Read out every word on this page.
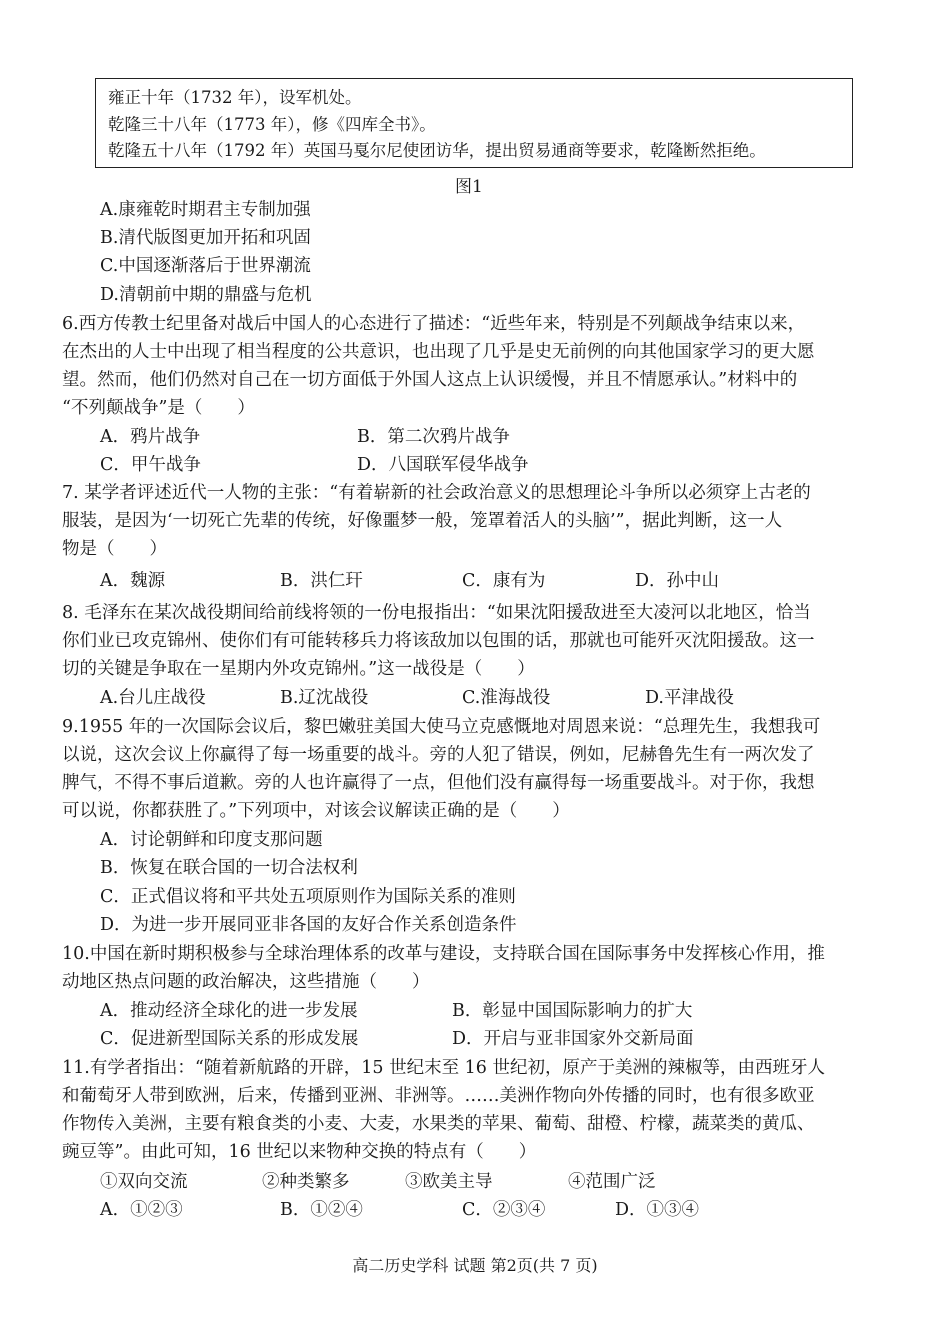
雍正十年（1732 年），设军机处。
乾隆三十八年（1773 年），修《四库全书》。
乾隆五十八年（1792 年）英国马戛尔尼使团访华，提出贸易通商等要求，乾隆断然拒绝。
图1
A.康雍乾时期君主专制加强
B.清代版图更加开拓和巩固
C.中国逐渐落后于世界潮流
D.清朝前中期的鼎盛与危机
6.西方传教士纪里备对战后中国人的心态进行了描述：“近些年来，特别是不列颠战争结束以来，
在杰出的人士中出现了相当程度的公共意识，也出现了几乎是史无前例的向其他国家学习的更大愿
望。然而，他们仍然对自己在一切方面低于外国人这点上认识缓慢，并且不情愿承认。”材料中的
“不列颠战争”是（　　）
A．鸦片战争	B．第二次鸦片战争
C．甲午战争	D．八国联军侵华战争
7. 某学者评述近代一人物的主张：“有着崭新的社会政治意义的思想理论斗争所以必须穿上古老的
服装，是因为‘一切死亡先辈的传统，好像噩梦一般，笼罩着活人的头脑’”，据此判断，这一人
物是（　　）
A．魏源	B．洪仁玕	C．康有为	D．孙中山
8. 毛泽东在某次战役期间给前线将领的一份电报指出：“如果沈阳援敌进至大凌河以北地区，恰当
你们业已攻克锦州、使你们有可能转移兵力将该敌加以包围的话，那就也可能歼灭沈阳援敌。这一
切的关键是争取在一星期内外攻克锦州。”这一战役是（　　）
A.台儿庄战役	B.辽沈战役	C.淮海战役	D.平津战役
9.1955 年的一次国际会议后，黎巴嫩驻美国大使马立克感慨地对周恩来说：“总理先生，我想我可
以说，这次会议上你赢得了每一场重要的战斗。旁的人犯了错误，例如，尼赫鲁先生有一两次发了
脾气，不得不事后道歉。旁的人也许赢得了一点，但他们没有赢得每一场重要战斗。对于你，我想
可以说，你都获胜了。”下列项中，对该会议解读正确的是（　　）
A．讨论朝鲜和印度支那问题
B．恢复在联合国的一切合法权利
C．正式倡议将和平共处五项原则作为国际关系的准则
D．为进一步开展同亚非各国的友好合作关系创造条件
10.中国在新时期积极参与全球治理体系的改革与建设，支持联合国在国际事务中发挥核心作用，推
动地区热点问题的政治解决，这些措施（　　）
A．推动经济全球化的进一步发展	B．彰显中国国际影响力的扩大
C．促进新型国际关系的形成发展	D．开启与亚非国家外交新局面
11.有学者指出：“随着新航路的开辟，15 世纪末至 16 世纪初，原产于美洲的辣椒等，由西班牙人
和葡萄牙人带到欧洲，后来，传播到亚洲、非洲等。……美洲作物向外传播的同时，也有很多欧亚
作物传入美洲，主要有粮食类的小麦、大麦，水果类的苹果、葡萄、甜橙、柠檬，蔬菜类的黄瓜、
豌豆等”。由此可知，16 世纪以来物种交换的特点有（　　）
①双向交流	②种类繁多	③欧美主导	④范围广泛
A．①②③	B．①②④	C．②③④	D．①③④
高二历史学科 试题 第2页(共 7 页)
